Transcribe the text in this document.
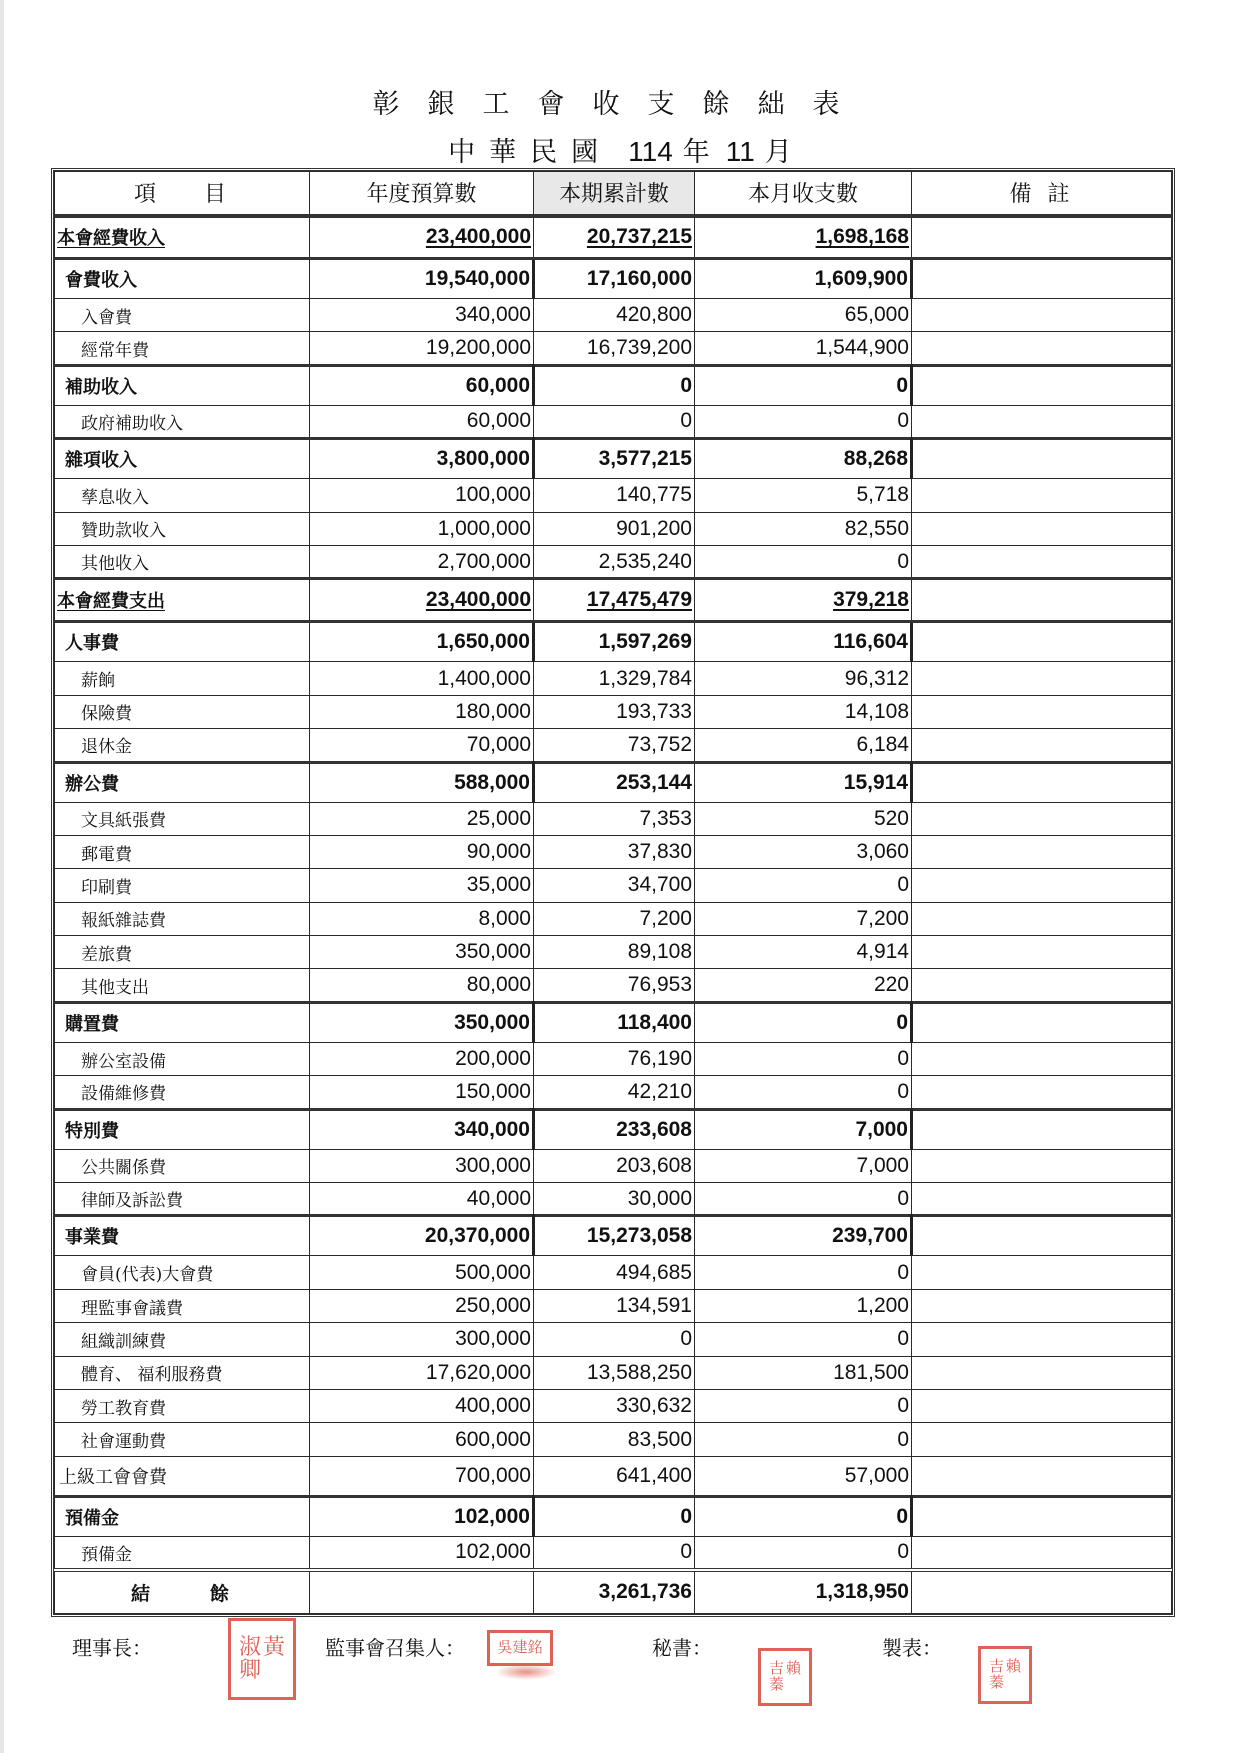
彰銀工會收支餘絀表
中華民國 114 年 11 月
項目	年度預算數	本期累計數	本月收支數	備註
本會經費收入	23,400,000	20,737,215	1,698,168	
會費收入	19,540,000	17,160,000	1,609,900	
入會費	340,000	420,800	65,000	
經常年費	19,200,000	16,739,200	1,544,900	
補助收入	60,000	0	0	
政府補助收入	60,000	0	0	
雜項收入	3,800,000	3,577,215	88,268	
孳息收入	100,000	140,775	5,718	
贊助款收入	1,000,000	901,200	82,550	
其他收入	2,700,000	2,535,240	0	
本會經費支出	23,400,000	17,475,479	379,218	
人事費	1,650,000	1,597,269	116,604	
薪餉	1,400,000	1,329,784	96,312	
保險費	180,000	193,733	14,108	
退休金	70,000	73,752	6,184	
辦公費	588,000	253,144	15,914	
文具紙張費	25,000	7,353	520	
郵電費	90,000	37,830	3,060	
印刷費	35,000	34,700	0	
報紙雜誌費	8,000	7,200	7,200	
差旅費	350,000	89,108	4,914	
其他支出	80,000	76,953	220	
購置費	350,000	118,400	0	
辦公室設備	200,000	76,190	0	
設備維修費	150,000	42,210	0	
特別費	340,000	233,608	7,000	
公共關係費	300,000	203,608	7,000	
律師及訴訟費	40,000	30,000	0	
事業費	20,370,000	15,273,058	239,700	
會員(代表)大會費	500,000	494,685	0	
理監事會議費	250,000	134,591	1,200	
組織訓練費	300,000	0	0	
體育、 福利服務費	17,620,000	13,588,250	181,500	
勞工教育費	400,000	330,632	0	
社會運動費	600,000	83,500	0	
上級工會會費	700,000	641,400	57,000	
預備金	102,000	0	0	
預備金	102,000	0	0	
結餘		3,261,736	1,318,950	
理事長：	黃
淑
卿
監事會召集人：	吳建銘	秘書：
賴
吉
蓁
製表：
賴
吉
蓁
